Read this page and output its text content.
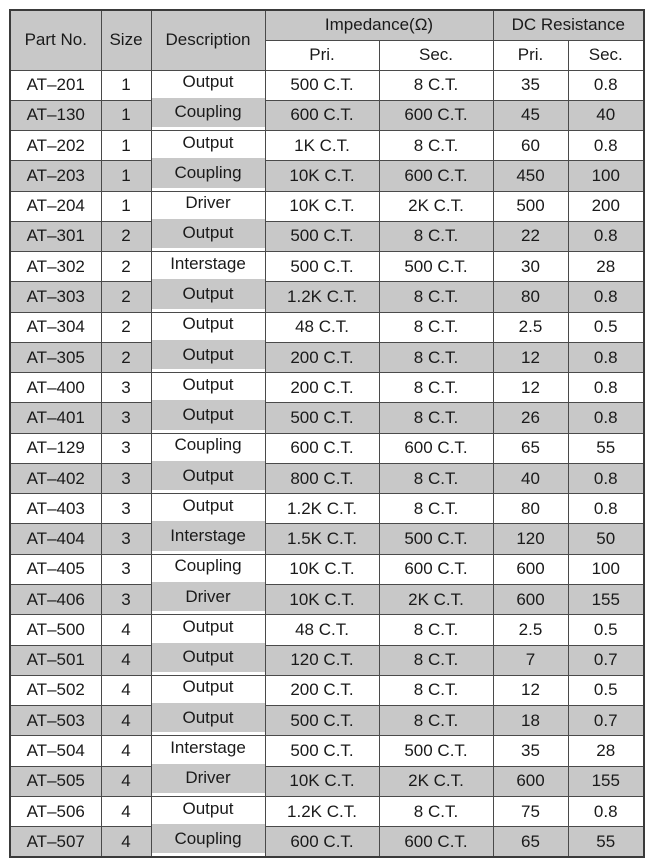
Part No.	Size	Description	Impedance(Ω)		DC Resistance	
			Pri.	Sec.	Pri.	Sec.
AT–201	1	Output	500 C.T.	8 C.T.	35	0.8
AT–130	1	Coupling	600 C.T.	600 C.T.	45	40
AT–202	1	Output	1K C.T.	8 C.T.	60	0.8
AT–203	1	Coupling	10K C.T.	600 C.T.	450	100
AT–204	1	Driver	10K C.T.	2K C.T.	500	200
AT–301	2	Output	500 C.T.	8 C.T.	22	0.8
AT–302	2	Interstage	500 C.T.	500 C.T.	30	28
AT–303	2	Output	1.2K C.T.	8 C.T.	80	0.8
AT–304	2	Output	48 C.T.	8 C.T.	2.5	0.5
AT–305	2	Output	200 C.T.	8 C.T.	12	0.8
AT–400	3	Output	200 C.T.	8 C.T.	12	0.8
AT–401	3	Output	500 C.T.	8 C.T.	26	0.8
AT–129	3	Coupling	600 C.T.	600 C.T.	65	55
AT–402	3	Output	800 C.T.	8 C.T.	40	0.8
AT–403	3	Output	1.2K C.T.	8 C.T.	80	0.8
AT–404	3	Interstage	1.5K C.T.	500 C.T.	120	50
AT–405	3	Coupling	10K C.T.	600 C.T.	600	100
AT–406	3	Driver	10K C.T.	2K C.T.	600	155
AT–500	4	Output	48 C.T.	8 C.T.	2.5	0.5
AT–501	4	Output	120 C.T.	8 C.T.	7	0.7
AT–502	4	Output	200 C.T.	8 C.T.	12	0.5
AT–503	4	Output	500 C.T.	8 C.T.	18	0.7
AT–504	4	Interstage	500 C.T.	500 C.T.	35	28
AT–505	4	Driver	10K C.T.	2K C.T.	600	155
AT–506	4	Output	1.2K C.T.	8 C.T.	75	0.8
AT–507	4	Coupling	600 C.T.	600 C.T.	65	55
